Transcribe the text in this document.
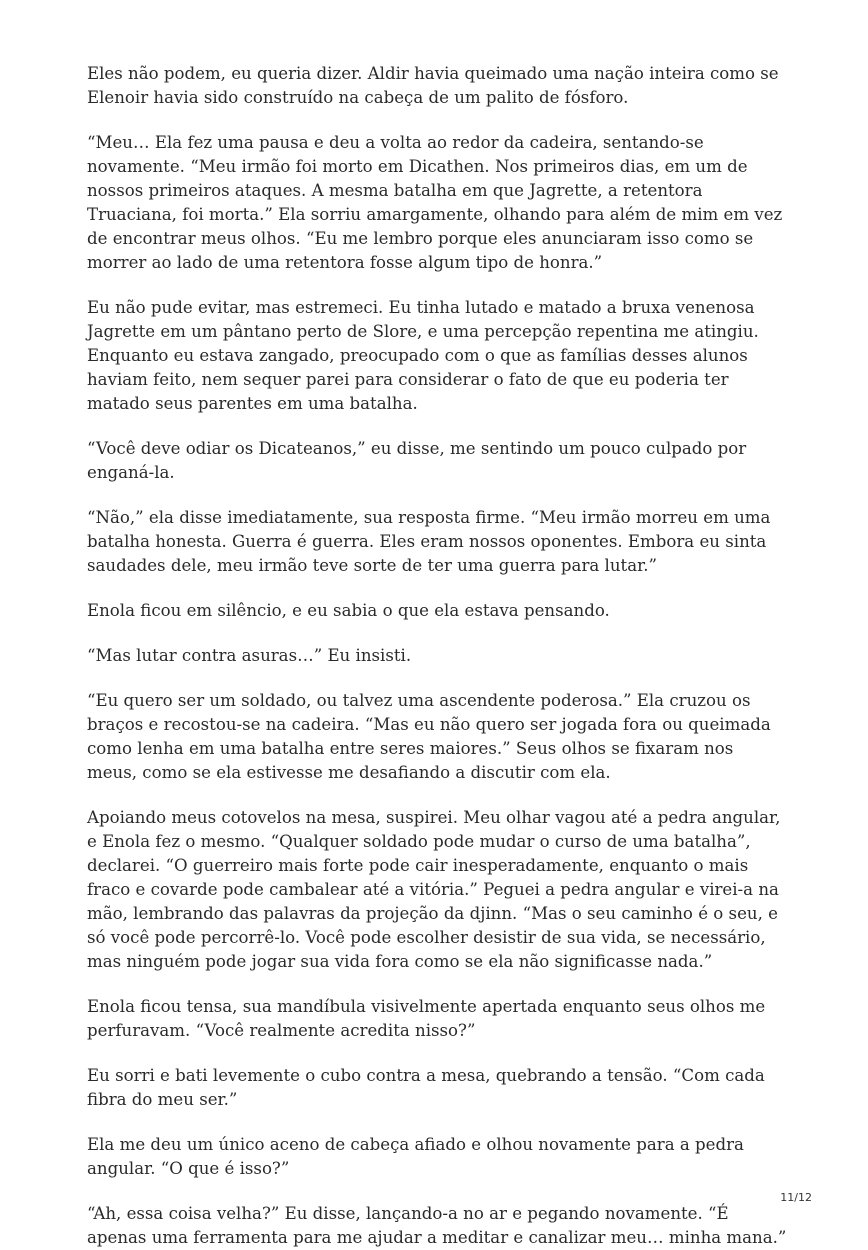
Eles não podem, eu queria dizer. Aldir havia queimado uma nação inteira como se Elenoir havia sido construído na cabeça de um palito de fósforo.

“Meu… Ela fez uma pausa e deu a volta ao redor da cadeira, sentando-se novamente. “Meu irmão foi morto em Dicathen. Nos primeiros dias, em um de nossos primeiros ataques. A mesma batalha em que Jagrette, a retentora Truaciana, foi morta.” Ela sorriu amargamente, olhando para além de mim em vez de encontrar meus olhos. “Eu me lembro porque eles anunciaram isso como se morrer ao lado de uma retentora fosse algum tipo de honra.”

Eu não pude evitar, mas estremeci. Eu tinha lutado e matado a bruxa venenosa Jagrette em um pântano perto de Slore, e uma percepção repentina me atingiu. Enquanto eu estava zangado, preocupado com o que as famílias desses alunos haviam feito, nem sequer parei para considerar o fato de que eu poderia ter matado seus parentes em uma batalha.

“Você deve odiar os Dicateanos,” eu disse, me sentindo um pouco culpado por enganá-la.

“Não,” ela disse imediatamente, sua resposta firme. “Meu irmão morreu em uma batalha honesta. Guerra é guerra. Eles eram nossos oponentes. Embora eu sinta saudades dele, meu irmão teve sorte de ter uma guerra para lutar.”

Enola ficou em silêncio, e eu sabia o que ela estava pensando.

“Mas lutar contra asuras…” Eu insisti.

“Eu quero ser um soldado, ou talvez uma ascendente poderosa.” Ela cruzou os braços e recostou-se na cadeira. “Mas eu não quero ser jogada fora ou queimada como lenha em uma batalha entre seres maiores.” Seus olhos se fixaram nos meus, como se ela estivesse me desafiando a discutir com ela.

Apoiando meus cotovelos na mesa, suspirei. Meu olhar vagou até a pedra angular, e Enola fez o mesmo. “Qualquer soldado pode mudar o curso de uma batalha”, declarei. “O guerreiro mais forte pode cair inesperadamente, enquanto o mais fraco e covarde pode cambalear até a vitória.” Peguei a pedra angular e virei-a na mão, lembrando das palavras da projeção da djinn. “Mas o seu caminho é o seu, e só você pode percorrê-lo. Você pode escolher desistir de sua vida, se necessário, mas ninguém pode jogar sua vida fora como se ela não significasse nada.”

Enola ficou tensa, sua mandíbula visivelmente apertada enquanto seus olhos me perfuravam. “Você realmente acredita nisso?”

Eu sorri e bati levemente o cubo contra a mesa, quebrando a tensão. “Com cada fibra do meu ser.”

Ela me deu um único aceno de cabeça afiado e olhou novamente para a pedra angular. “O que é isso?”

“Ah, essa coisa velha?” Eu disse, lançando-a no ar e pegando novamente. “É apenas uma ferramenta para me ajudar a meditar e canalizar meu… minha mana.”

11/12
